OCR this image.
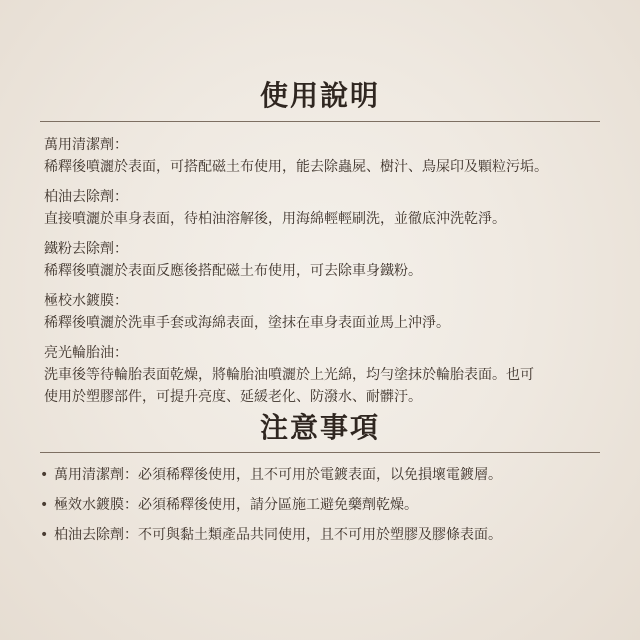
使用說明
萬用清潔劑：
稀釋後噴灑於表面，可搭配磁土布使用，能去除蟲屍、樹汁、鳥屎印及顆粒污垢。
柏油去除劑：
直接噴灑於車身表面，待柏油溶解後，用海綿輕輕刷洗，並徹底沖洗乾淨。
鐵粉去除劑：
稀釋後噴灑於表面反應後搭配磁土布使用，可去除車身鐵粉。
極校水鍍膜：
稀釋後噴灑於洗車手套或海綿表面，塗抹在車身表面並馬上沖淨。
亮光輪胎油：
洗車後等待輪胎表面乾燥，將輪胎油噴灑於上光綿，均勻塗抹於輪胎表面。也可
使用於塑膠部件，可提升亮度、延緩老化、防潑水、耐髒汙。
注意事項
• 萬用清潔劑：必須稀釋後使用，且不可用於電鍍表面，以免損壞電鍍層。
• 極效水鍍膜：必須稀釋後使用，請分區施工避免藥劑乾燥。
• 柏油去除劑：不可與黏土類產品共同使用，且不可用於塑膠及膠條表面。
